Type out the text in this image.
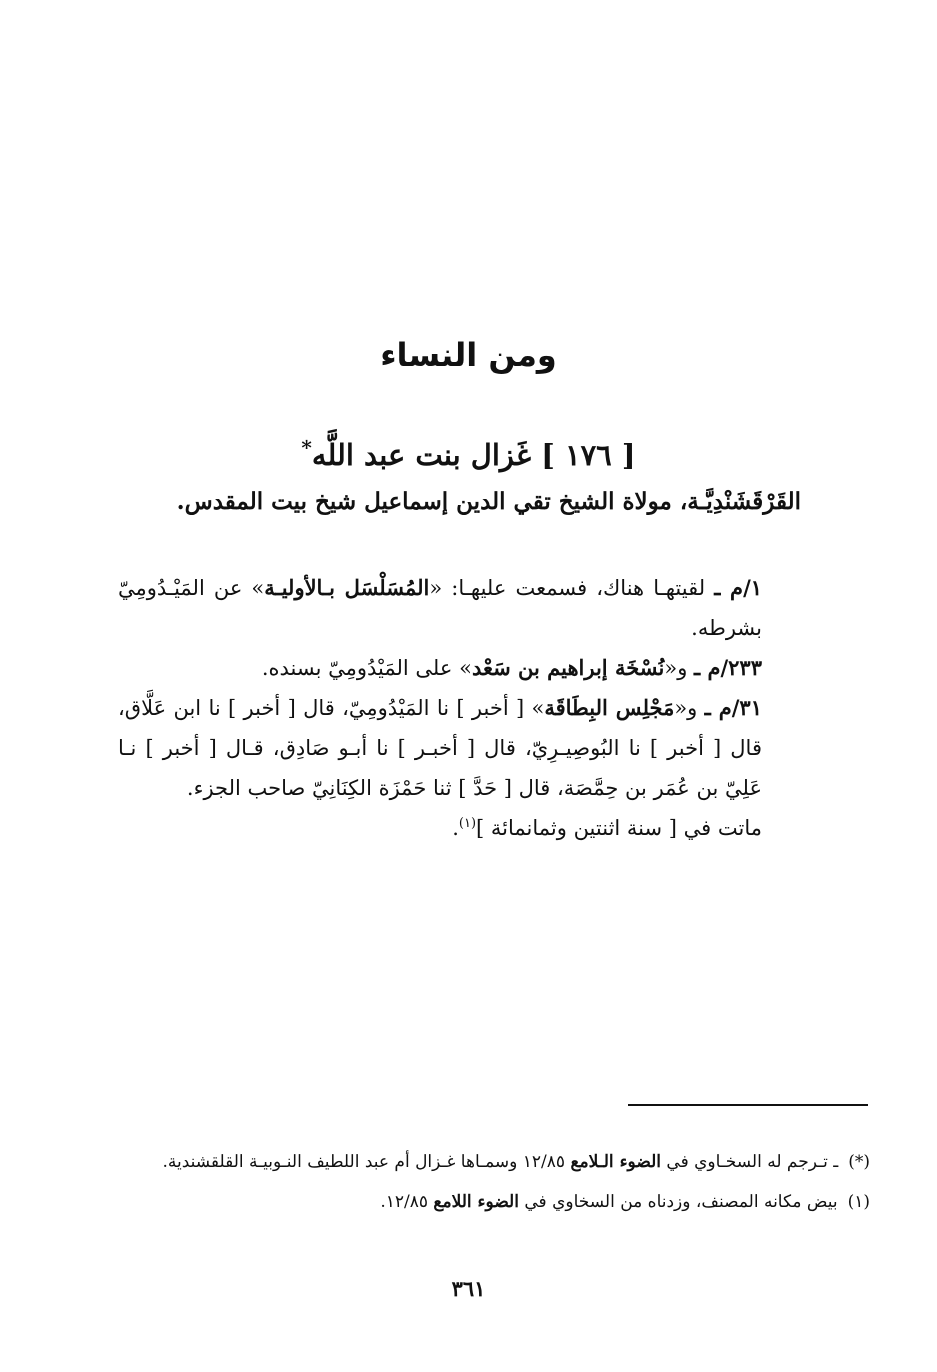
ومن النساء
[ ١٧٦ ] غَزال بنت عبد اللَّه*
القَرْقَشَنْدِيَّـة، مولاة الشيخ تقي الدين إسماعيل شيخ بيت المقدس.

١/م ـ لقيتهـا هناك، فسمعت عليهـا: «المُسَلْسَل بـالأوليـة» عن المَيْـدُومِيّ بشرطه.

٢٣٣/م ـ و«نُسْخَة إبراهيم بن سَعْد» على المَيْدُومِيّ بسنده.

٣١/م ـ و«مَجْلِس البِطَاقَة» [ أخبر ] نا المَيْدُومِيّ، قال [ أخبر ] نا ابن عَلَّاق، قال [ أخبر ] نا البُوصِيـرِيّ، قال [ أخبـر ] نا أبـو صَادِق، قـال [ أخبر ] نـا عَلِيّ بن عُمَر بن حِمَّصَة، قال [ حَدَّ ] ثنا حَمْزَة الكِنَانِيّ صاحب الجزء.

ماتت في [ سنة اثنتين وثمانمائة ]$^{(١)}$.

(*)ـ تـرجم له السخـاوي في الضوء الـلامع ١٢/٨٥ وسمـاها غـزال أم عبد اللطيف النـوبيـة القلقشندية.

(١)بيض مكانه المصنف، وزدناه من السخاوي في الضوء اللامع ١٢/٨٥.

٣٦١
